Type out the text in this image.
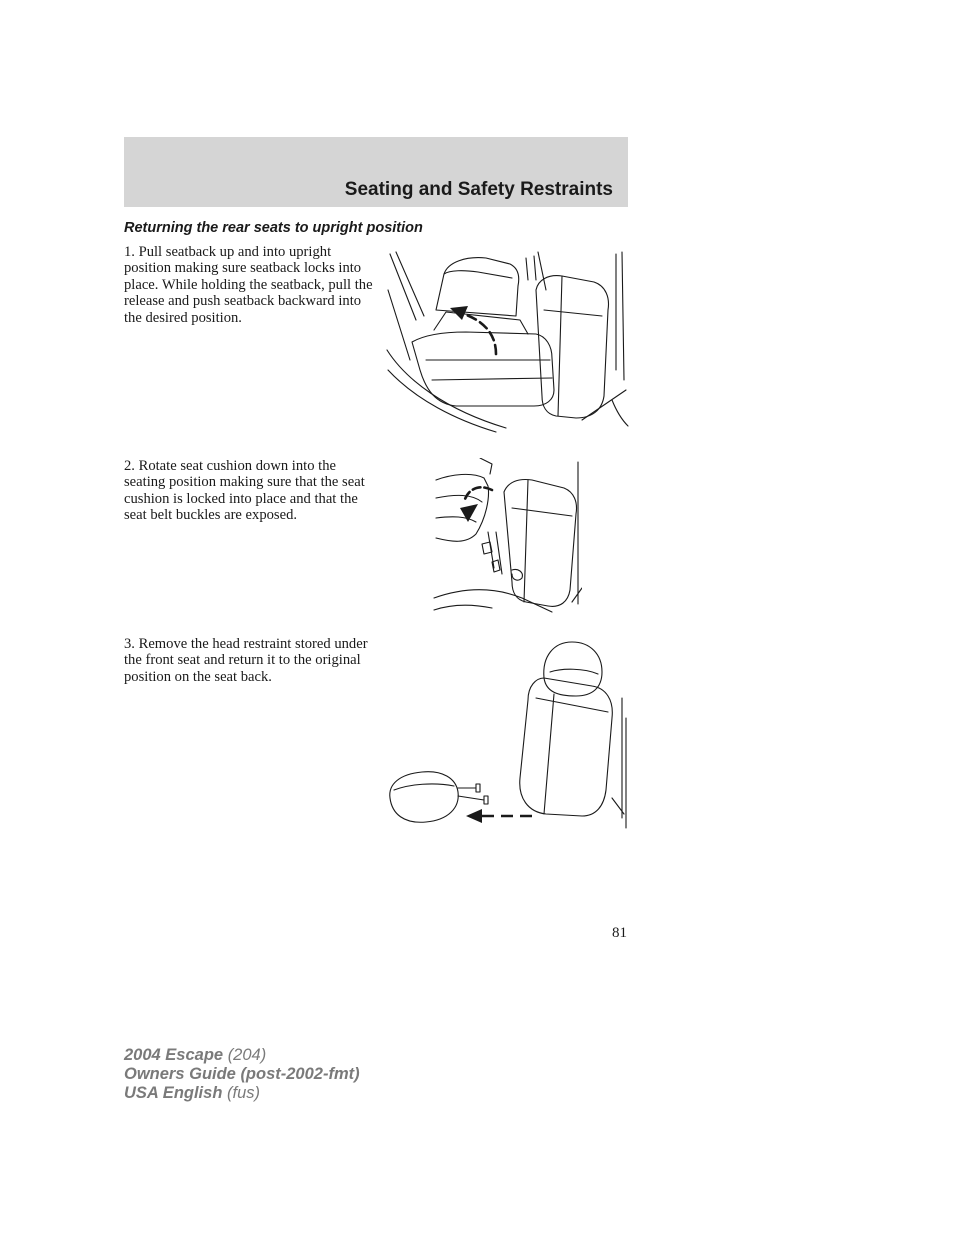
Seating and Safety Restraints
Returning the rear seats to upright position

1. Pull seatback up and into upright position making sure seatback locks into place. While holding the seatback, pull the release and push seatback backward into the desired position.

2. Rotate seat cushion down into the seating position making sure that the seat cushion is locked into place and that the seat belt buckles are exposed.

3. Remove the head restraint stored under the front seat and return it to the original position on the seat back.

81

2004 Escape (204)
Owners Guide (post-2002-fmt)
USA English (fus)
